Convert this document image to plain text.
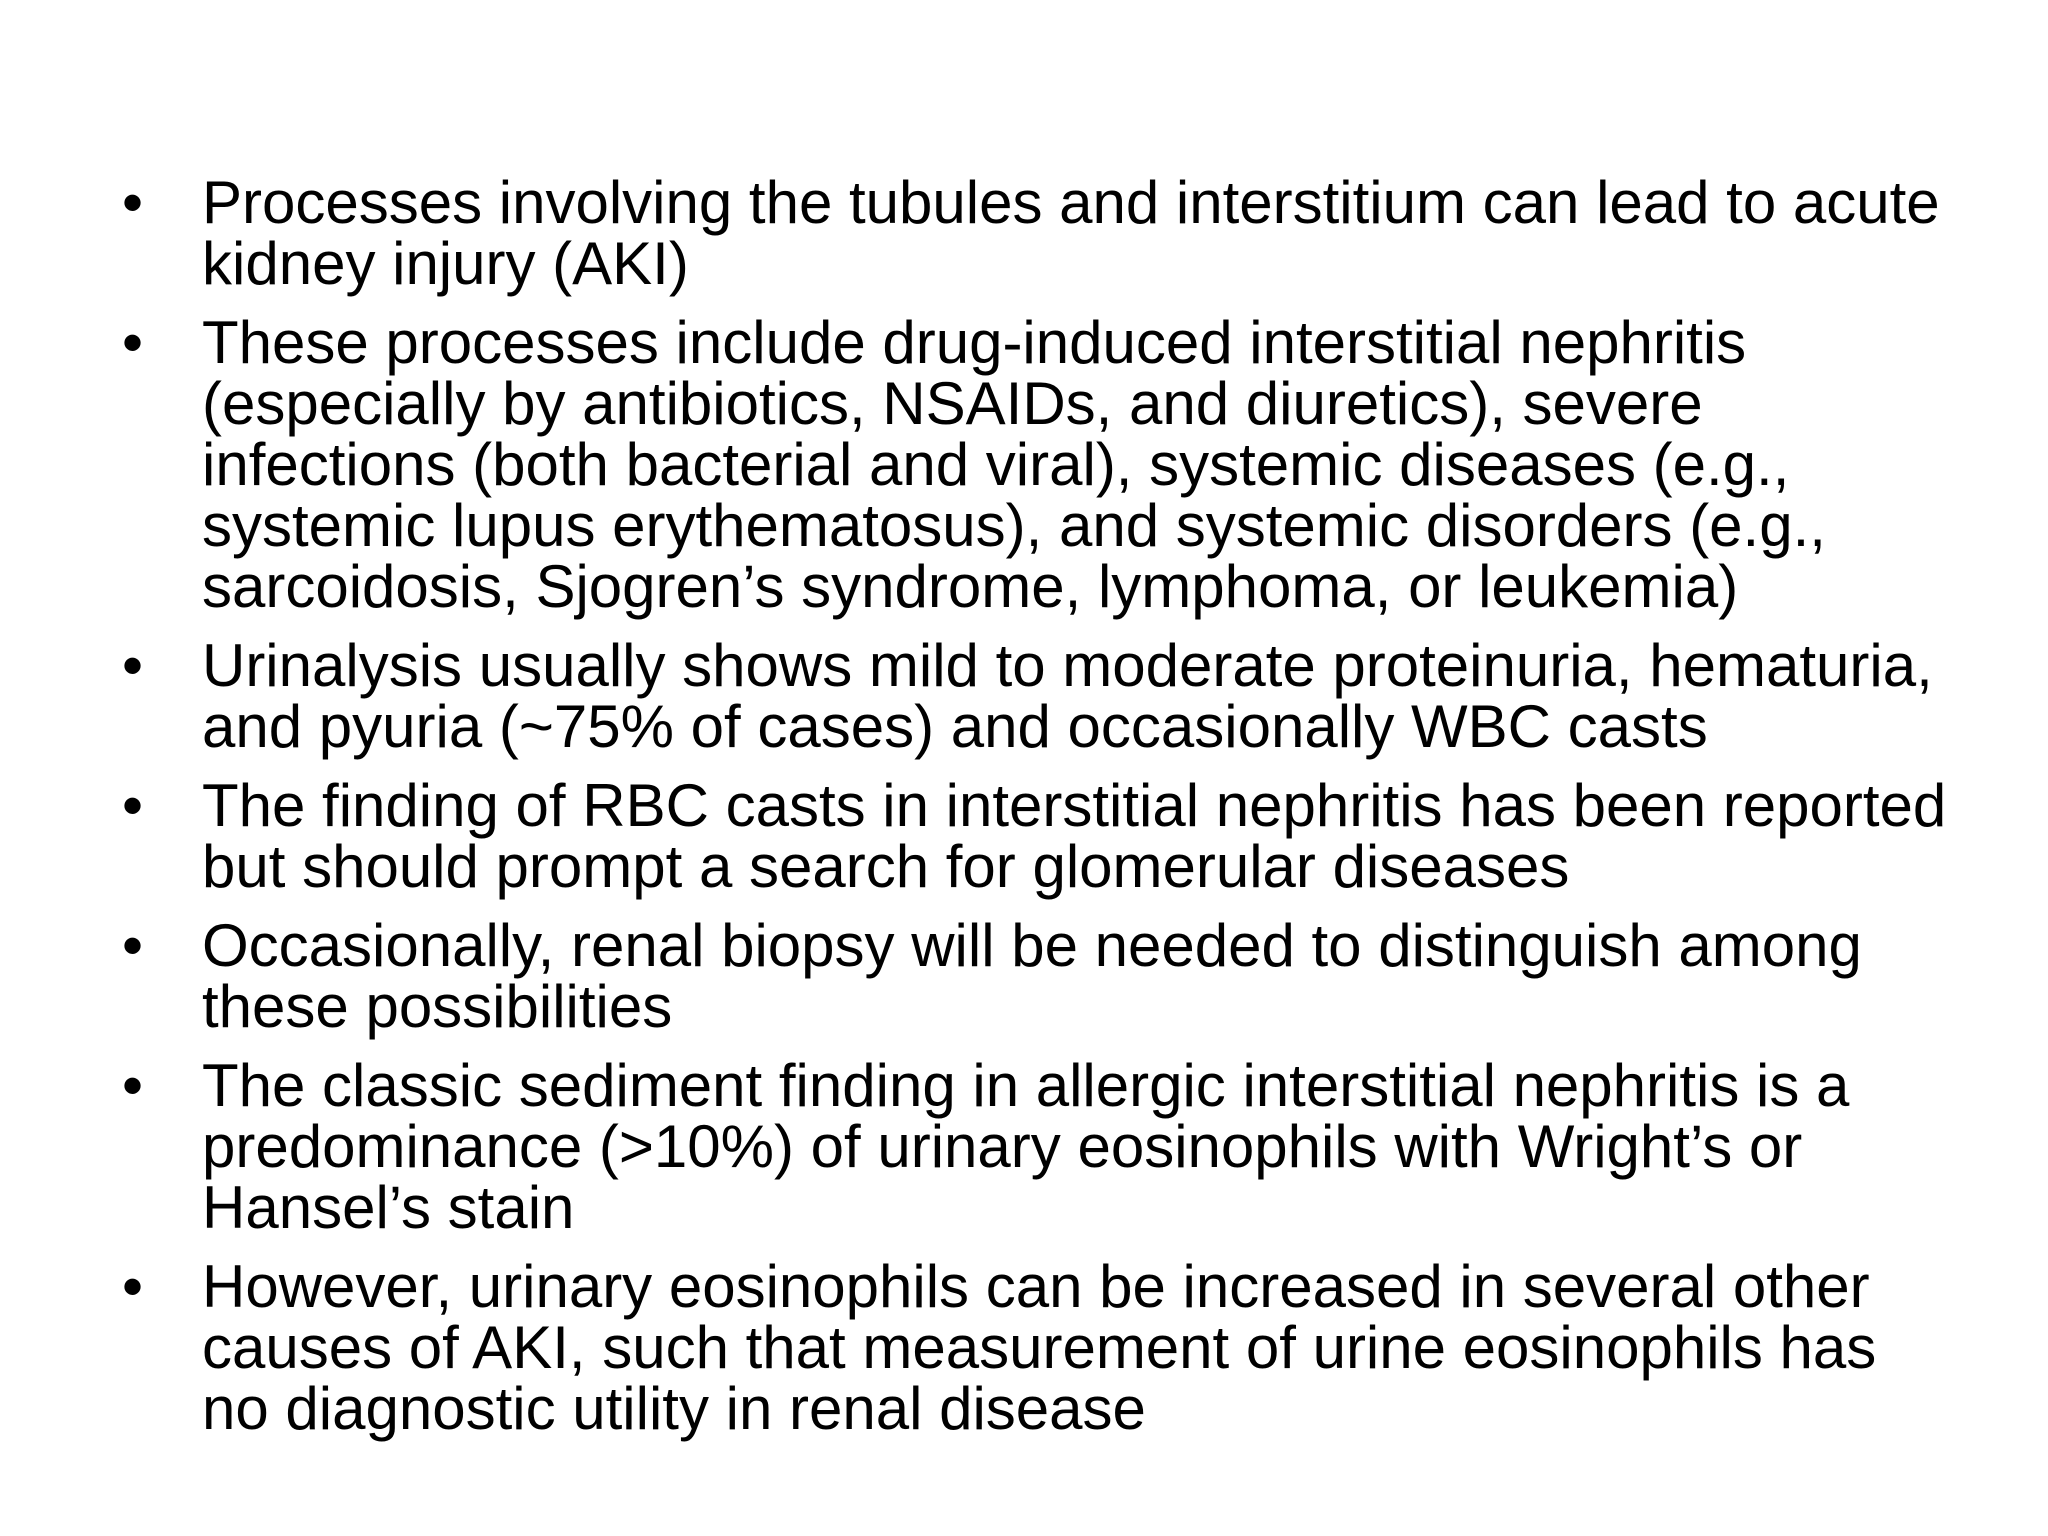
• Processes involving the tubules and interstitium can lead to acute kidney injury (AKI)
• These processes include drug-induced interstitial nephritis (especially by antibiotics, NSAIDs, and diuretics), severe infections (both bacterial and viral), systemic diseases (e.g., systemic lupus erythematosus), and systemic disorders (e.g., sarcoidosis, Sjogren’s syndrome, lymphoma, or leukemia)
• Urinalysis usually shows mild to moderate proteinuria, hematuria, and pyuria (~75% of cases) and occasionally WBC casts
• The finding of RBC casts in interstitial nephritis has been reported but should prompt a search for glomerular diseases
• Occasionally, renal biopsy will be needed to distinguish among these possibilities
• The classic sediment finding in allergic interstitial nephritis is a predominance (>10%) of urinary eosinophils with Wright’s or Hansel’s stain
• However, urinary eosinophils can be increased in several other causes of AKI, such that measurement of urine eosinophils has no diagnostic utility in renal disease
